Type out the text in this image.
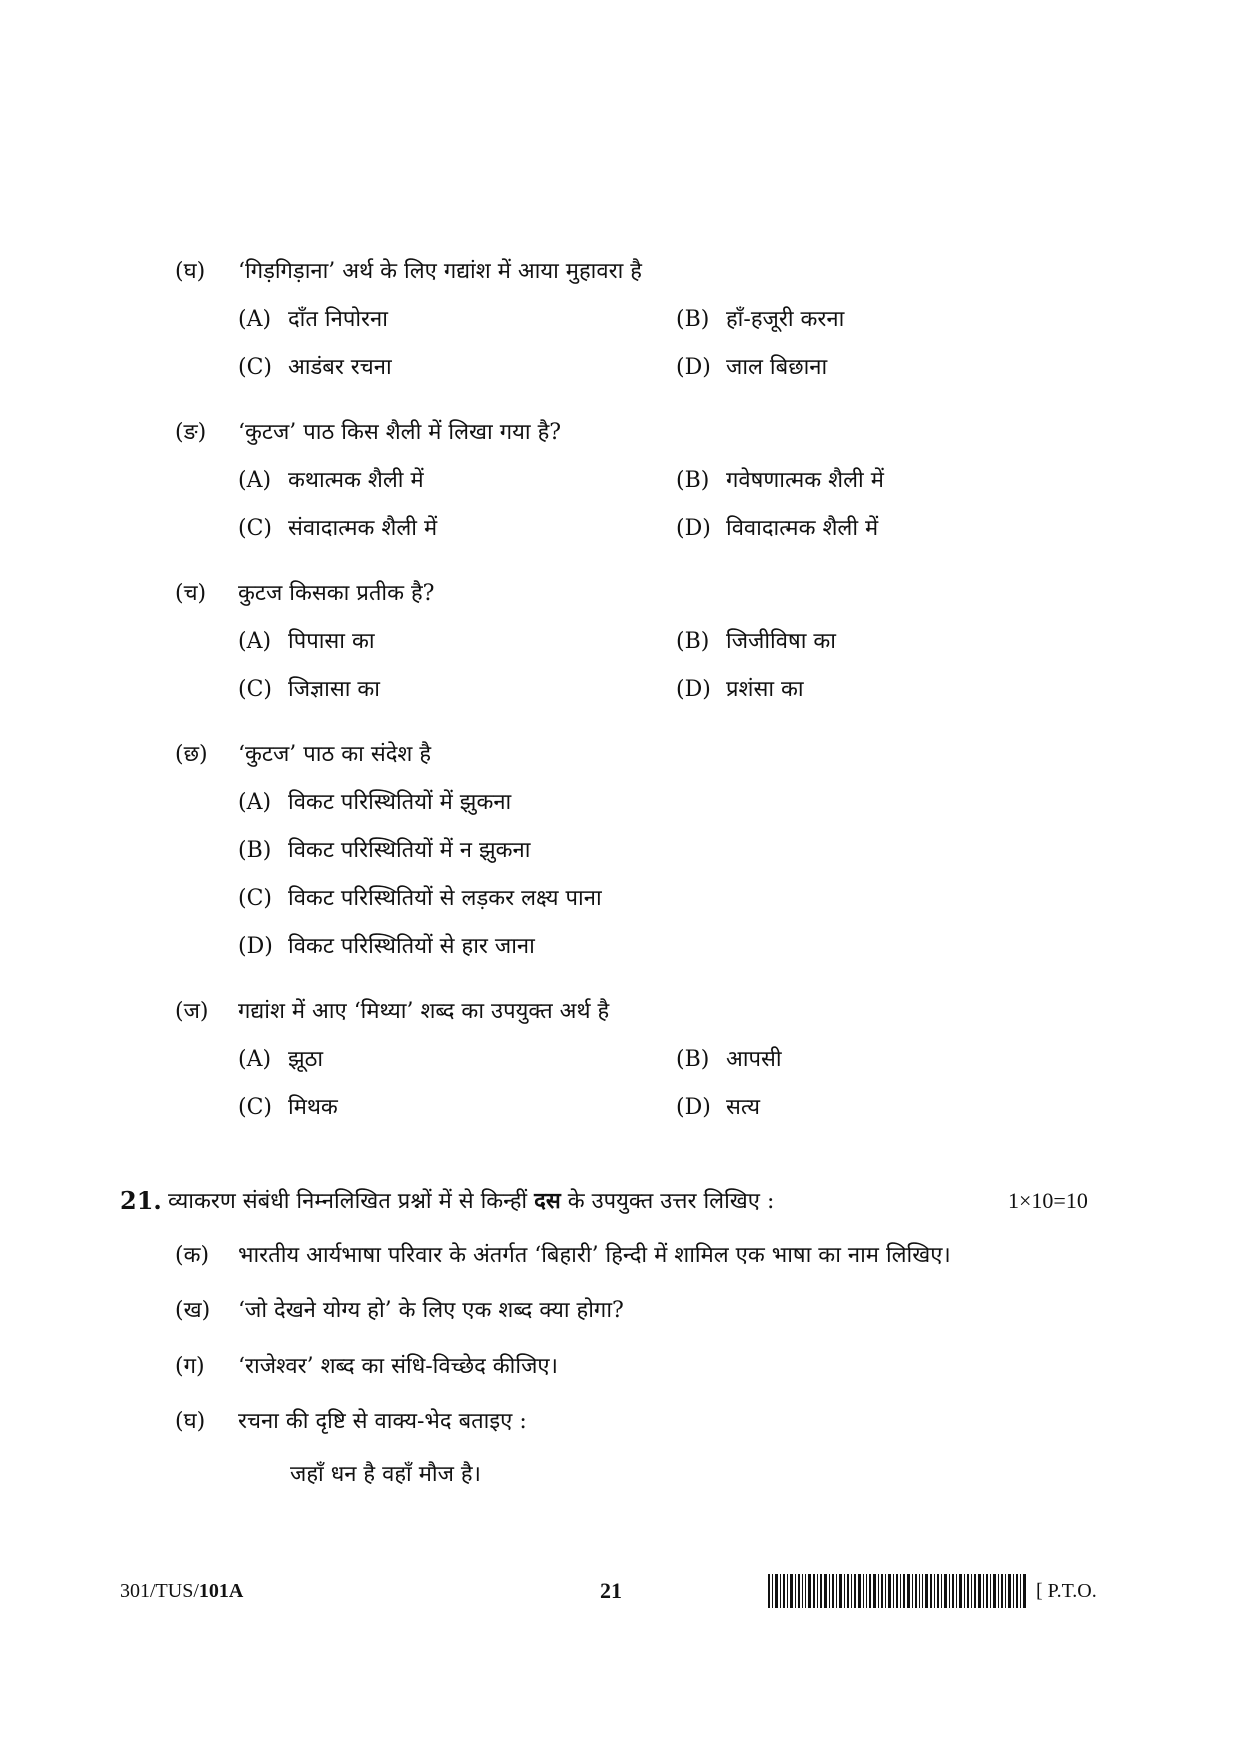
(घ) ‘गिड़गिड़ाना’ अर्थ के लिए गद्यांश में आया मुहावरा है
(A) दाँत निपोरना	(B) हाँ-हजूरी करना
(C) आडंबर रचना	(D) जाल बिछाना
(ङ) ‘कुटज’ पाठ किस शैली में लिखा गया है?
(A) कथात्मक शैली में	(B) गवेषणात्मक शैली में
(C) संवादात्मक शैली में	(D) विवादात्मक शैली में
(च) कुटज किसका प्रतीक है?
(A) पिपासा का	(B) जिजीविषा का
(C) जिज्ञासा का	(D) प्रशंसा का
(छ) ‘कुटज’ पाठ का संदेश है
(A) विकट परिस्थितियों में झुकना
(B) विकट परिस्थितियों में न झुकना
(C) विकट परिस्थितियों से लड़कर लक्ष्य पाना
(D) विकट परिस्थितियों से हार जाना
(ज) गद्यांश में आए ‘मिथ्या’ शब्द का उपयुक्त अर्थ है
(A) झूठा	(B) आपसी
(C) मिथक	(D) सत्य
21. व्याकरण संबंधी निम्नलिखित प्रश्नों में से किन्हीं दस के उपयुक्त उत्तर लिखिए :	1×10=10
(क) भारतीय आर्यभाषा परिवार के अंतर्गत ‘बिहारी’ हिन्दी में शामिल एक भाषा का नाम लिखिए।
(ख) ‘जो देखने योग्य हो’ के लिए एक शब्द क्या होगा?
(ग) ‘राजेश्वर’ शब्द का संधि-विच्छेद कीजिए।
(घ) रचना की दृष्टि से वाक्य-भेद बताइए :
जहाँ धन है वहाँ मौज है।
301/TUS/101A	21	[ P.T.O.
